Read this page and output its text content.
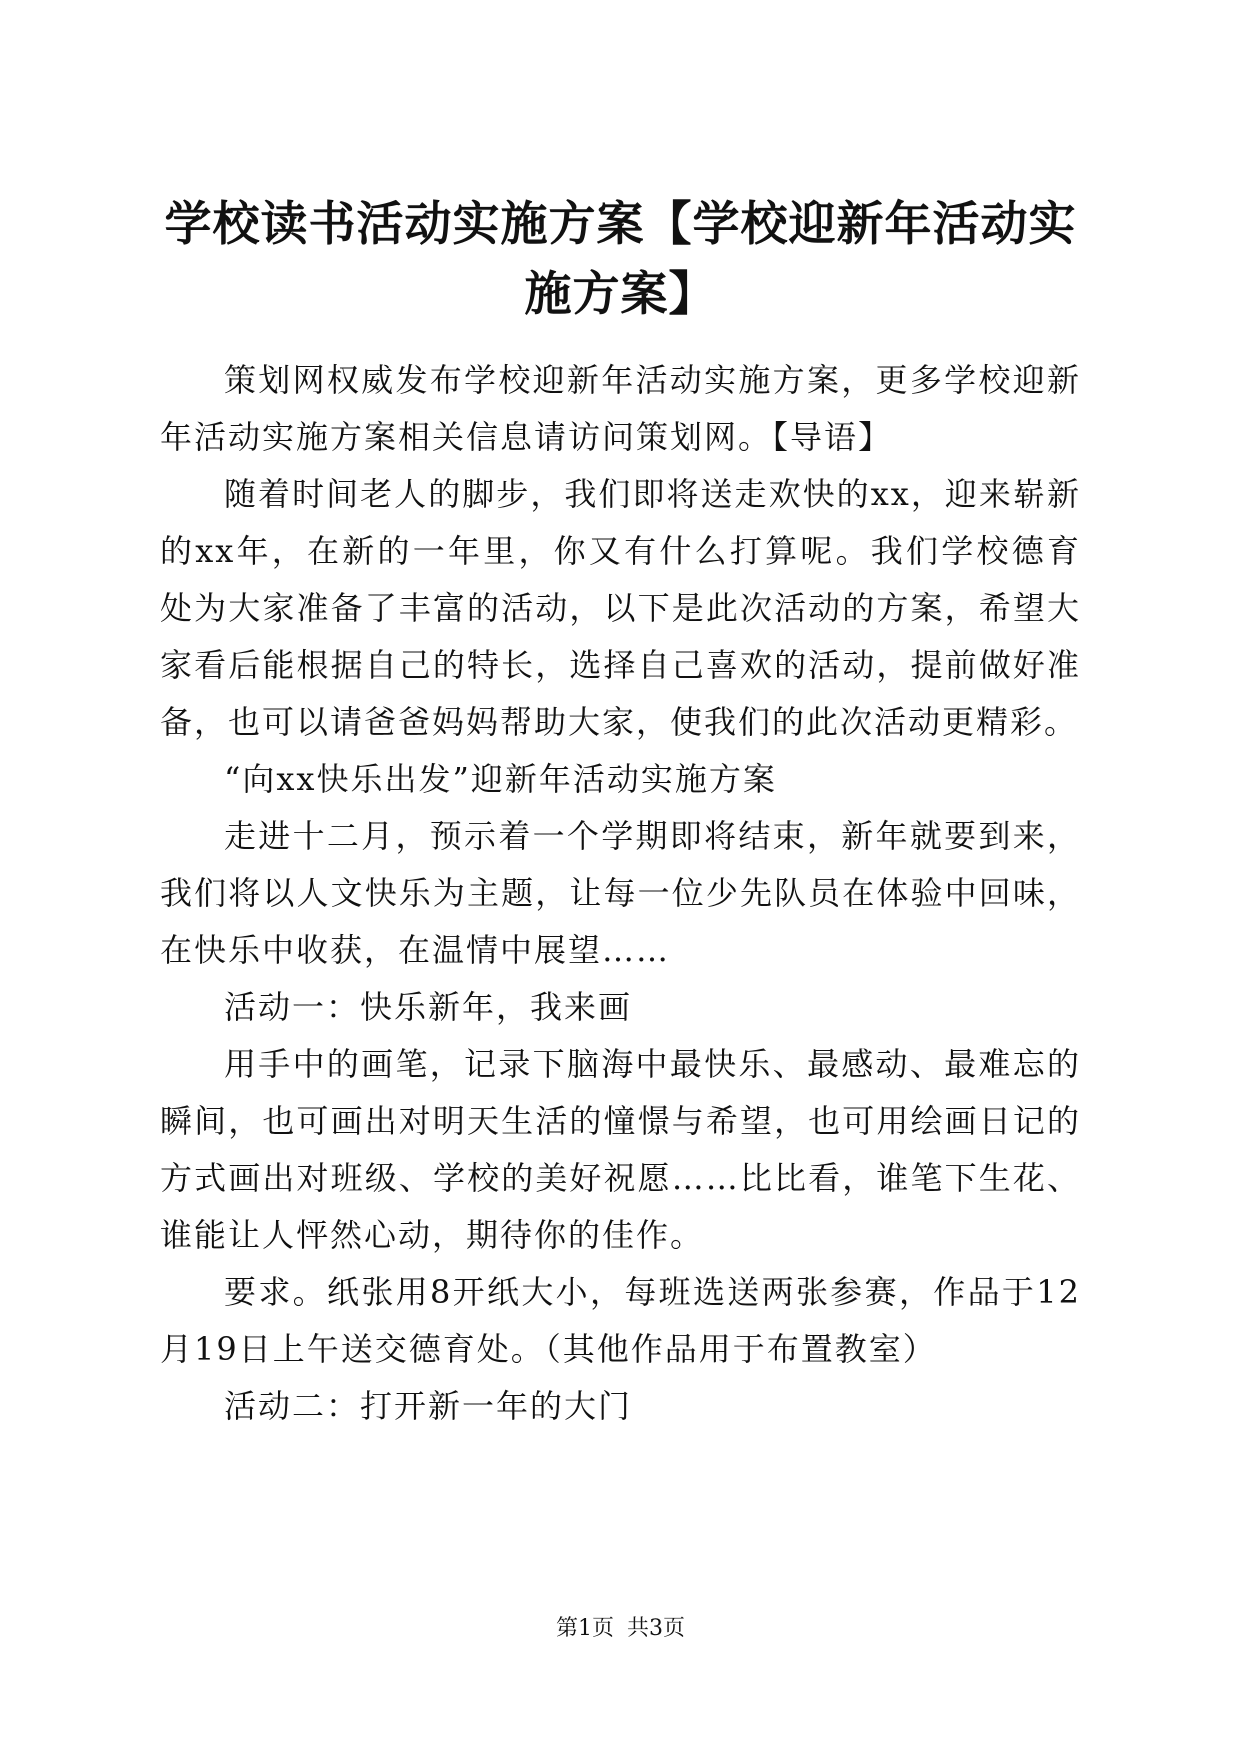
学校读书活动实施方案【学校迎新年活动实施方案】

策划网权威发布学校迎新年活动实施方案，更多学校迎新年活动实施方案相关信息请访问策划网。【导语】

随着时间老人的脚步，我们即将送走欢快的xx，迎来崭新的xx年，在新的一年里，你又有什么打算呢。我们学校德育处为大家准备了丰富的活动，以下是此次活动的方案，希望大家看后能根据自己的特长，选择自己喜欢的活动，提前做好准备，也可以请爸爸妈妈帮助大家，使我们的此次活动更精彩。

“向xx快乐出发”迎新年活动实施方案

走进十二月，预示着一个学期即将结束，新年就要到来，我们将以人文快乐为主题，让每一位少先队员在体验中回味，在快乐中收获，在温情中展望……

活动一：快乐新年，我来画

用手中的画笔，记录下脑海中最快乐、最感动、最难忘的瞬间，也可画出对明天生活的憧憬与希望，也可用绘画日记的方式画出对班级、学校的美好祝愿……比比看，谁笔下生花、谁能让人怦然心动，期待你的佳作。

要求。纸张用8开纸大小，每班选送两张参赛，作品于12月19日上午送交德育处。（其他作品用于布置教室）

活动二：打开新一年的大门

第1页 共3页
